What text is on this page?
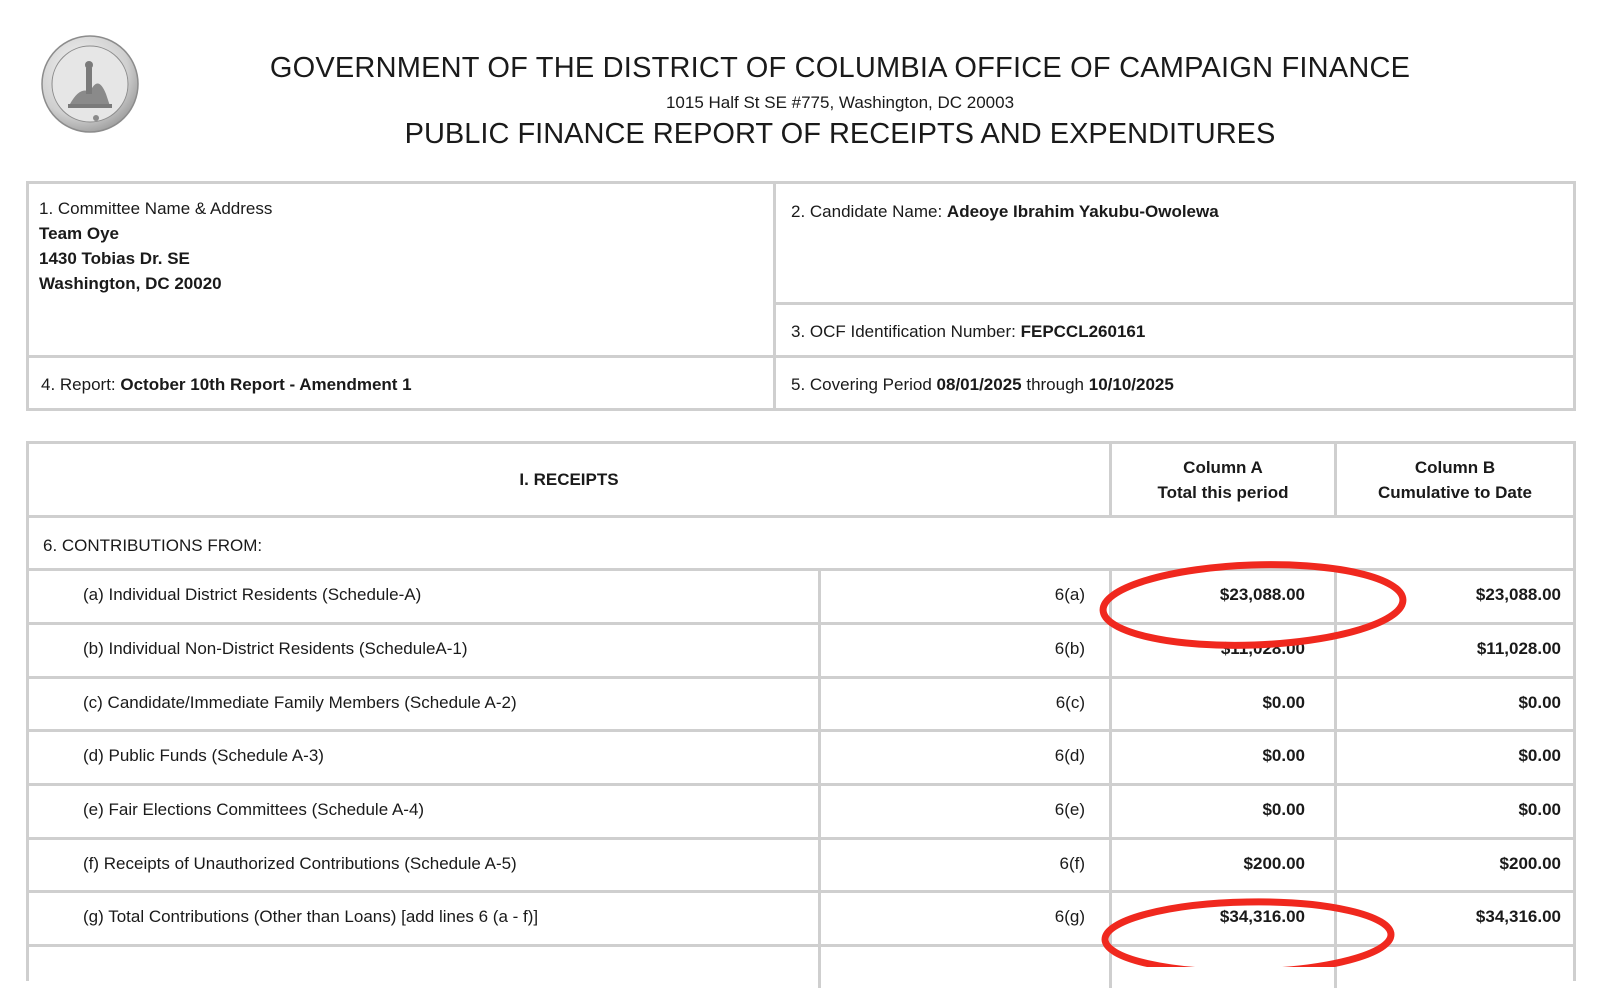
GOVERNMENT OF THE DISTRICT OF COLUMBIA OFFICE OF CAMPAIGN FINANCE
1015 Half St SE #775, Washington, DC 20003
PUBLIC FINANCE REPORT OF RECEIPTS AND EXPENDITURES
1. Committee Name & Address
Team Oye
1430 Tobias Dr. SE
Washington, DC 20020
2. Candidate Name: Adeoye Ibrahim Yakubu-Owolewa
3. OCF Identification Number: FEPCCL260161
4. Report: October 10th Report - Amendment 1	5. Covering Period 08/01/2025 through 10/10/2025
I. RECEIPTS
Column A
Total this period
Column B
Cumulative to Date
6. CONTRIBUTIONS FROM:
(a) Individual District Residents (Schedule-A)	6(a)	$23,088.00	$23,088.00
(b) Individual Non-District Residents (ScheduleA-1)	6(b)	$11,028.00	$11,028.00
(c) Candidate/Immediate Family Members (Schedule A-2)	6(c)	$0.00	$0.00
(d) Public Funds (Schedule A-3)	6(d)	$0.00	$0.00
(e) Fair Elections Committees (Schedule A-4)	6(e)	$0.00	$0.00
(f) Receipts of Unauthorized Contributions (Schedule A-5)	6(f)	$200.00	$200.00
(g) Total Contributions (Other than Loans) [add lines 6 (a - f)]	6(g)	$34,316.00	$34,316.00
